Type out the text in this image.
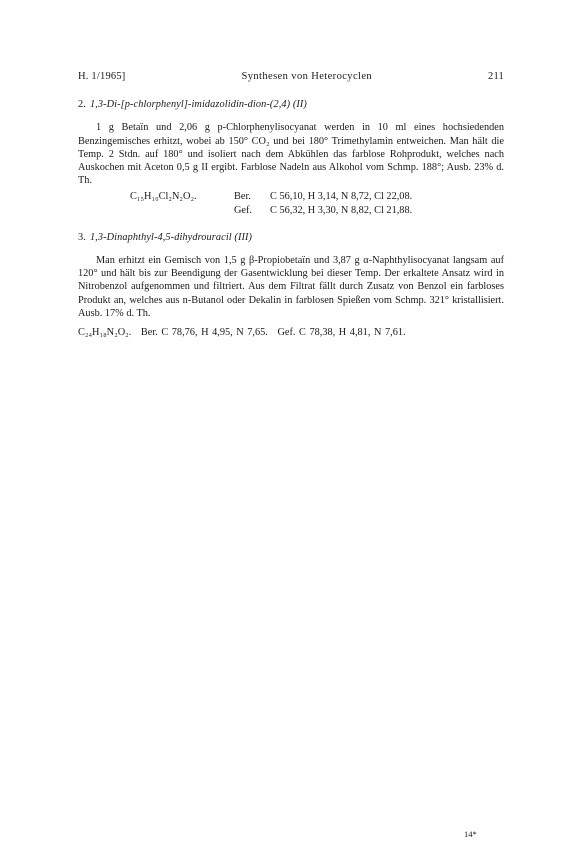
H. 1/1965]	Synthesen von Heterocyclen	211

2. 1,3-Di-[p-chlorphenyl]-imidazolidin-dion-(2,4) (II)

1 g Betaïn und 2,06 g p-Chlorphenylisocyanat werden in 10 ml eines hochsiedenden Benzingemisches erhitzt, wobei ab 150° CO₂ und bei 180° Trimethylamin entweichen. Man hält die Temp. 2 Stdn. auf 180° und isoliert nach dem Abkühlen das farblose Rohprodukt, welches nach Auskochen mit Aceton 0,5 g II ergibt. Farblose Nadeln aus Alkohol vom Schmp. 188°; Ausb. 23% d. Th.

C₁₅H₁₀Cl₂N₂O₂.	Ber.	C 56,10, H 3,14, N 8,72, Cl 22,08.
Gef.	C 56,32, H 3,30, N 8,82, Cl 21,88.

3. 1,3-Dinaphthyl-4,5-dihydrouracil (III)

Man erhitzt ein Gemisch von 1,5 g β-Propiobetaïn und 3,87 g α-Naphthylisocyanat langsam auf 120° und hält bis zur Beendigung der Gasentwicklung bei dieser Temp. Der erkaltete Ansatz wird in Nitrobenzol aufgenommen und filtriert. Aus dem Filtrat fällt durch Zusatz von Benzol ein farbloses Produkt an, welches aus n-Butanol oder Dekalin in farblosen Spießen vom Schmp. 321° kristallisiert. Ausb. 17% d. Th.

C₂₄H₁₈N₂O₂. Ber. C 78,76, H 4,95, N 7,65. Gef. C 78,38, H 4,81, N 7,61.
14*
